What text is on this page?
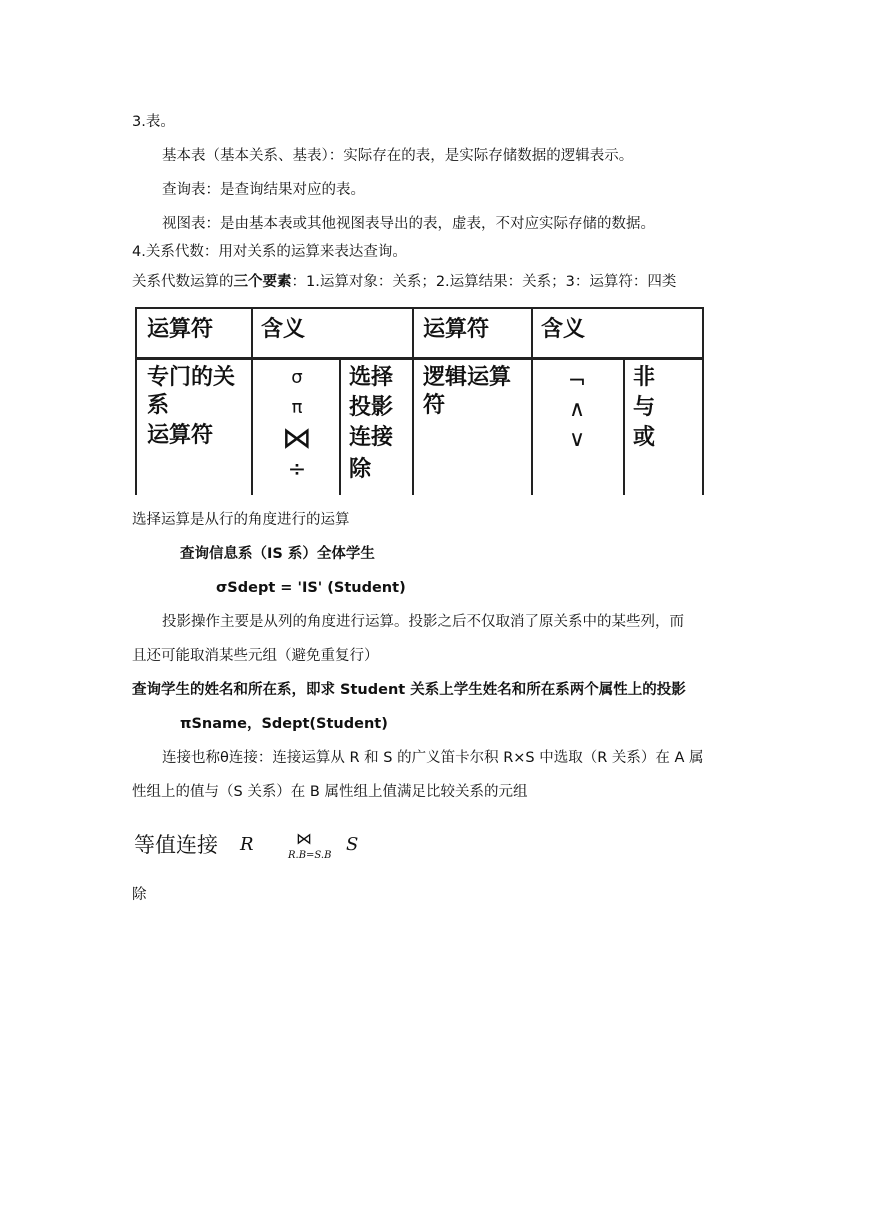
3.表。
基本表（基本关系、基表）：实际存在的表，是实际存储数据的逻辑表示。
查询表：是查询结果对应的表。
视图表：是由基本表或其他视图表导出的表，虚表，不对应实际存储的数据。
4.关系代数：用对关系的运算来表达查询。
关系代数运算的三个要素：1.运算对象：关系；2.运算结果：关系；3：运算符：四类
运算符 含义	运算符 含义
专门的关
系
运算符
σ
π
⋈
÷
选择
投影
连接
除
逻辑运算
符
¬
∧
∨
非
与
或
选择运算是从行的角度进行的运算
查询信息系（IS 系）全体学生
σSdept = 'IS' (Student)
投影操作主要是从列的角度进行运算。投影之后不仅取消了原关系中的某些列，而
且还可能取消某些元组（避免重复行）
查询学生的姓名和所在系，即求 Student 关系上学生姓名和所在系两个属性上的投影
πSname，Sdept(Student)
连接也称θ连接：连接运算从 R 和 S 的广义笛卡尔积 R×S 中选取（R 关系）在 A 属
性组上的值与（S 关系）在 B 属性组上值满足比较关系的元组
等值连接 R	⋈
R.B=S.B
S
除
